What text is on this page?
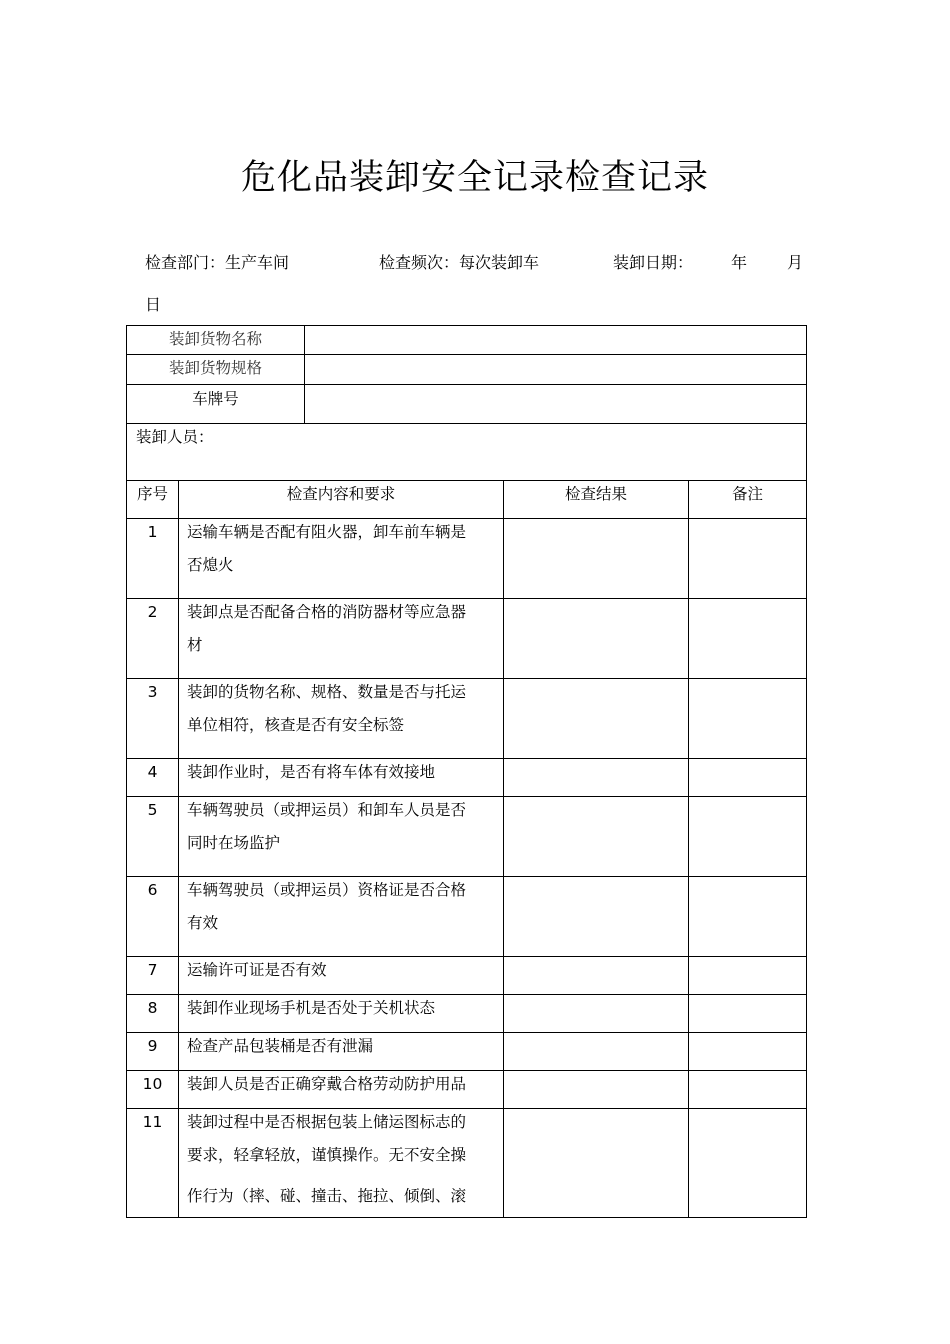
危化品装卸安全记录检查记录
检查部门：生产车间	检查频次：每次装卸车	装卸日期： 年 月
日
装卸货物名称				
装卸货物规格				
车牌号				
装卸人员：				
序号	检查内容和要求		检查结果	备注
1	运输车辆是否配有阻火器，卸车前车辆是
否熄火			

2	装卸点是否配备合格的消防器材等应急器
材			

3	装卸的货物名称、规格、数量是否与托运
单位相符，核查是否有安全标签			

4	装卸作业时，是否有将车体有效接地			

5	车辆驾驶员（或押运员）和卸车人员是否
同时在场监护			

6	车辆驾驶员（或押运员）资格证是否合格
有效			

7	运输许可证是否有效			

8	装卸作业现场手机是否处于关机状态			

9	检查产品包装桶是否有泄漏			

10	装卸人员是否正确穿戴合格劳动防护用品			

11	装卸过程中是否根据包装上储运图标志的
要求，轻拿轻放，谨慎操作。无不安全操
作行为（摔、碰、撞击、拖拉、倾倒、滚			
